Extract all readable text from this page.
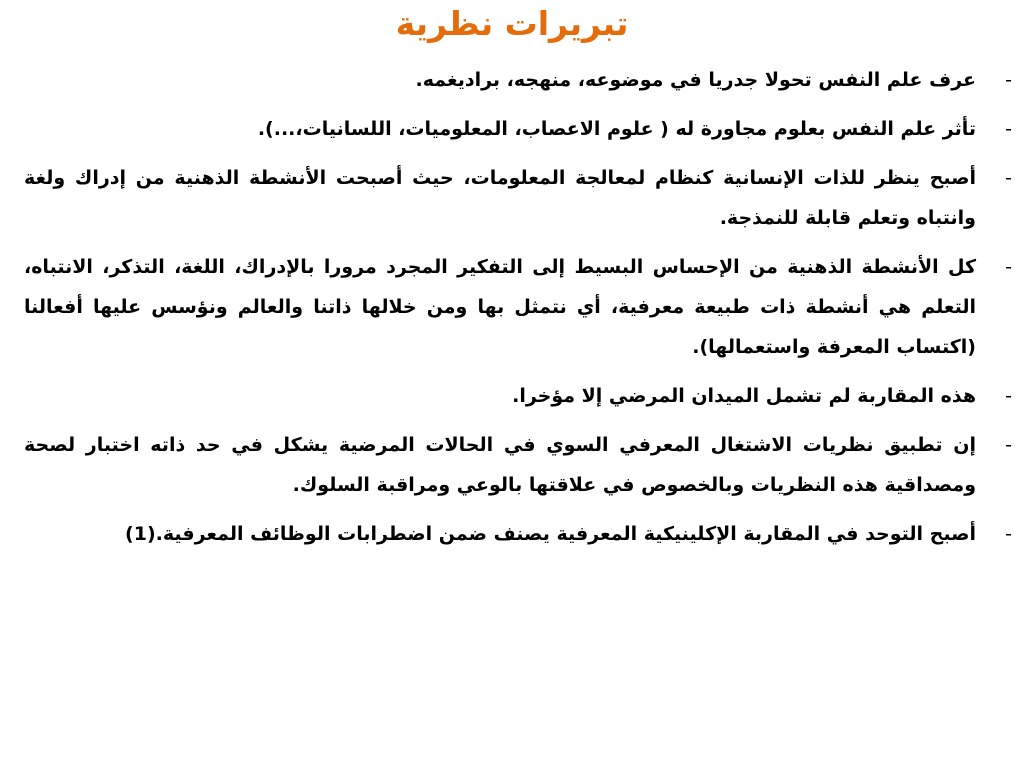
تبريرات نظرية
-
عرف علم النفس تحولا جدريا في موضوعه، منهجه، براديغمه.
-
تأثر علم النفس بعلوم مجاورة له ( علوم الاعصاب، المعلوميات، اللسانيات،...).
-
أصبح ينظر للذات الإنسانية كنظام لمعالجة المعلومات، حيث أصبحت الأنشطة الذهنية من إدراك ولغة وانتباه وتعلم قابلة للنمذجة.
-
كل الأنشطة الذهنية من الإحساس البسيط إلى التفكير المجرد مرورا بالإدراك، اللغة، التذكر، الانتباه، التعلم هي أنشطة ذات طبيعة معرفية، أي نتمثل بها ومن خلالها ذاتنا والعالم ونؤسس عليها أفعالنا (اكتساب المعرفة واستعمالها).
-
هذه المقاربة لم تشمل الميدان المرضي إلا مؤخرا.
-
إن تطبيق نظريات الاشتغال المعرفي السوي في الحالات المرضية يشكل في حد ذاته اختبار لصحة ومصداقية هذه النظريات وبالخصوص في علاقتها بالوعي ومراقبة السلوك.
-
أصبح التوحد في المقاربة الإكلينيكية المعرفية يصنف ضمن اضطرابات الوظائف المعرفية.(1)
